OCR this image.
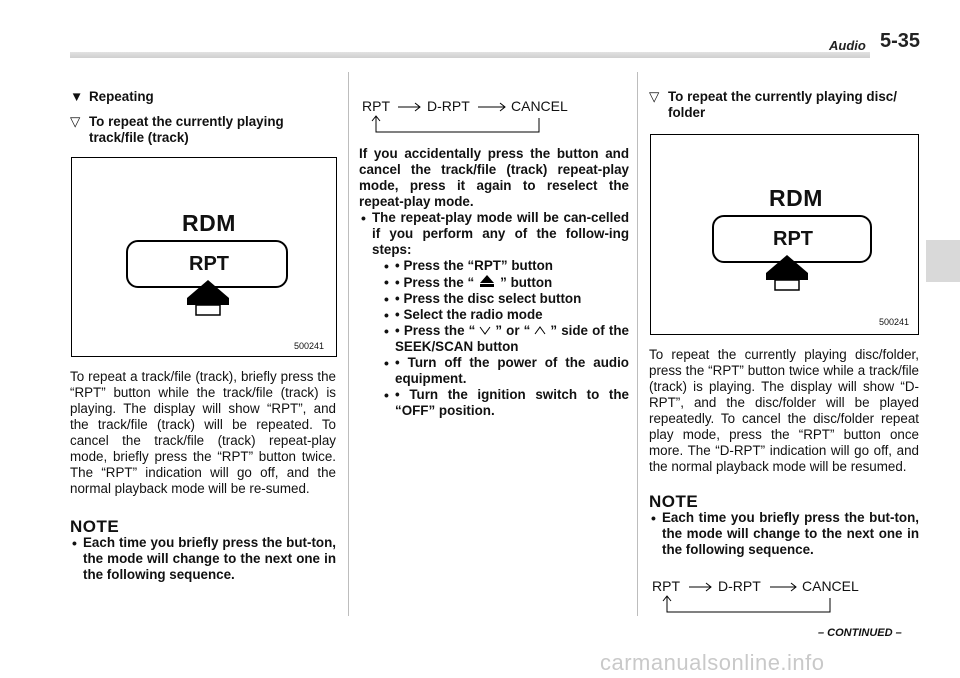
Audio 5-35
▼ Repeating
▽ To repeat the currently playing
track/file (track)
RDM
RPT
500241

To repeat a track/file (track), briefly press the “RPT” button while the track/file (track) is playing. The display will show “RPT”, and the track/file (track) will be repeated. To cancel the track/file (track) repeat-play mode, briefly press the “RPT” button twice. The “RPT” indication will go off, and the normal playback mode will be re-sumed.

NOTE
• Each time you briefly press the but-ton, the mode will change to the next one in the following sequence.
RPT	D-RPT	CANCEL

If you accidentally press the button and cancel the track/file (track) repeat-play mode, press it again to reselect the repeat-play mode.

• The repeat-play mode will be can-celled if you perform any of the follow-ing steps:
• • Press the “RPT” button
• • Press the “ ” button
• • Press the disc select button
• • Select the radio mode
• • Press the “ ” or “ ” side of the SEEK/SCAN button
• • Turn off the power of the audio equipment.
• • Turn the ignition switch to the “OFF” position.
▽ To repeat the currently playing disc/
folder
RDM
RPT
500241

To repeat the currently playing disc/folder, press the “RPT” button twice while a track/file (track) is playing. The display will show “D-RPT”, and the disc/folder will be played repeatedly. To cancel the disc/folder repeat play mode, press the “RPT” button once more. The “D-RPT” indication will go off, and the normal playback mode will be resumed.

NOTE
• Each time you briefly press the but-ton, the mode will change to the next one in the following sequence.
RPT	D-RPT	CANCEL
– CONTINUED –
carmanualsonline.info
